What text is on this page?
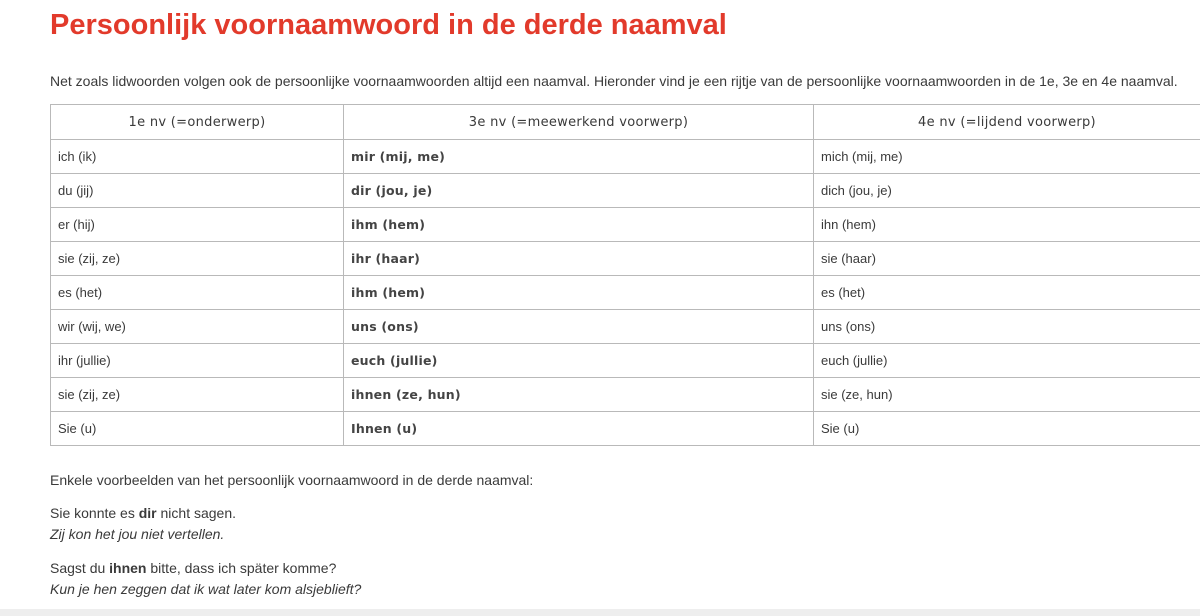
Persoonlijk voornaamwoord in de derde naamval

Net zoals lidwoorden volgen ook de persoonlijke voornaamwoorden altijd een naamval. Hieronder vind je een rijtje van de persoonlijke voornaamwoorden in de 1e, 3e en 4e naamval.

1e nv (=onderwerp)	3e nv (=meewerkend voorwerp)	4e nv (=lijdend voorwerp)
ich (ik)	mir (mij, me)	mich (mij, me)
du (jij)	dir (jou, je)	dich (jou, je)
er (hij)	ihm (hem)	ihn (hem)
sie (zij, ze)	ihr (haar)	sie (haar)
es (het)	ihm (hem)	es (het)
wir (wij, we)	uns (ons)	uns (ons)
ihr (jullie)	euch (jullie)	euch (jullie)
sie (zij, ze)	ihnen (ze, hun)	sie (ze, hun)
Sie (u)	Ihnen (u)	Sie (u)

Enkele voorbeelden van het persoonlijk voornaamwoord in de derde naamval:

Sie konnte es dir nicht sagen.
Zij kon het jou niet vertellen.

Sagst du ihnen bitte, dass ich später komme?
Kun je hen zeggen dat ik wat later kom alsjeblieft?
